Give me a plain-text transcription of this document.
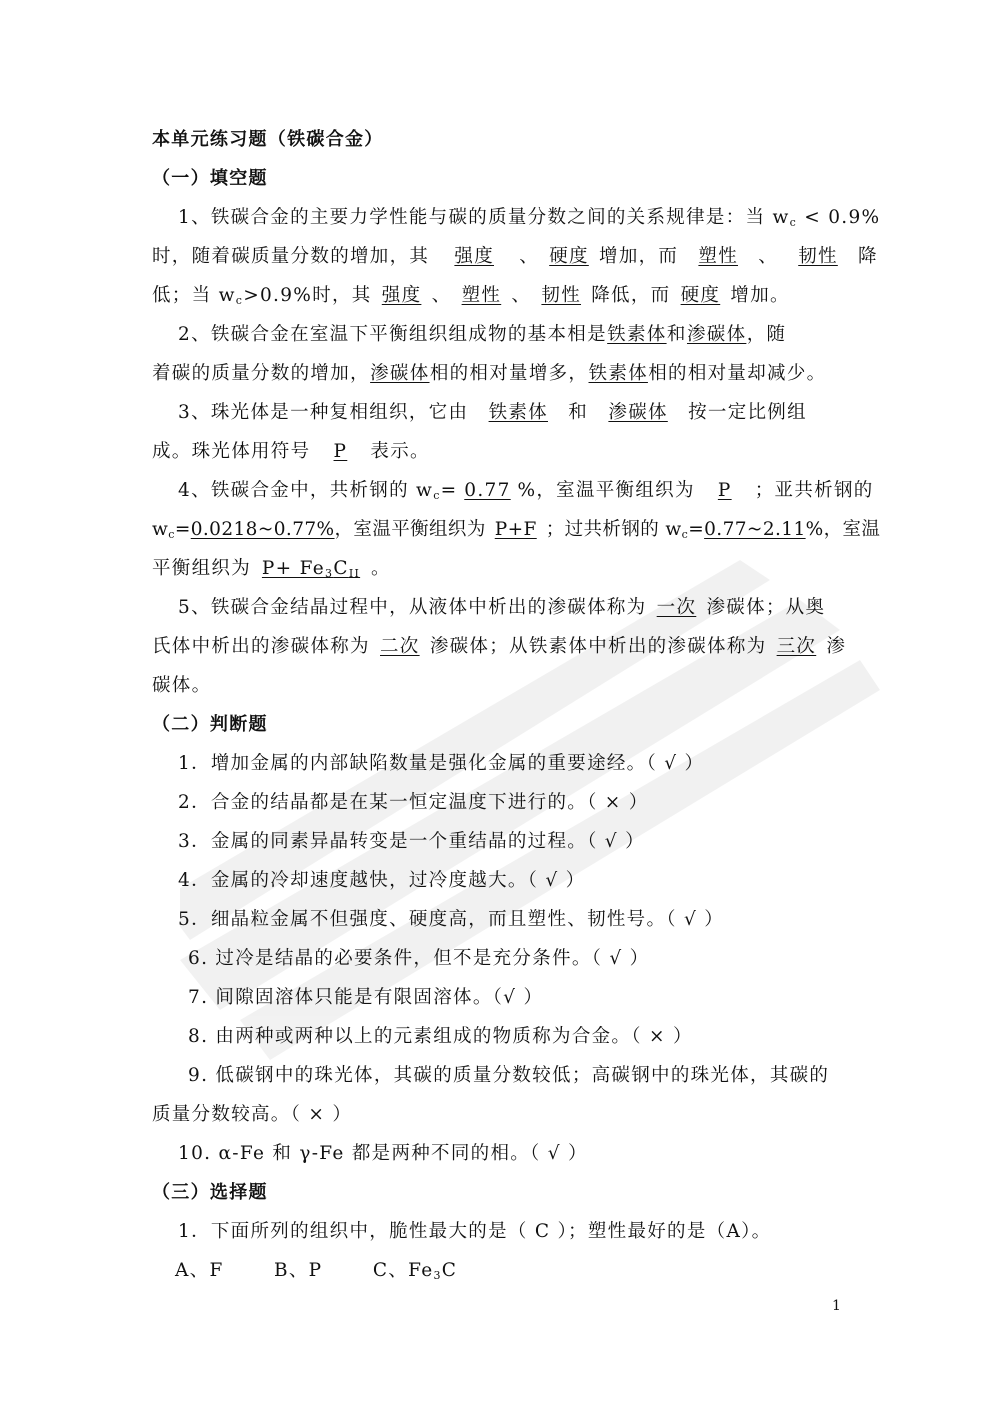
本单元练习题（铁碳合金）
（一）填空题
1、铁碳合金的主要力学性能与碳的质量分数之间的关系规律是：当 $w_c < 0.9\%$
时，随着碳质量分数的增加，其 强度 、 硬度 增加，而 塑性 、 韧性 降
低；当 $w_c>0.9\%$时，其 强度 、 塑性 、 韧性 降低，而 硬度 增加。
2、铁碳合金在室温下平衡组织组成物的基本相是铁素体和渗碳体，随
着碳的质量分数的增加，渗碳体相的相对量增多，铁素体相的相对量却减少。
3、珠光体是一种复相组织，它由 铁素体 和 渗碳体 按一定比例组
成。珠光体用符号 P 表示。
4、铁碳合金中，共析钢的 $w_c= 0.77$ %，室温平衡组织为 P ；亚共析钢的
$w_c=0.0218\sim 0.77\%$，室温平衡组织为 P+F ；过共析钢的 $w_c=0.77\sim 2.11\%$，室温
平衡组织为 $P+ Fe_3C_{II}$ 。
5、铁碳合金结晶过程中，从液体中析出的渗碳体称为 一次 渗碳体；从奥
氏体中析出的渗碳体称为 二次 渗碳体；从铁素体中析出的渗碳体称为 三次 渗
碳体。
（二）判断题
1．增加金属的内部缺陷数量是强化金属的重要途经。（ √ ）
2．合金的结晶都是在某一恒定温度下进行的。（ × ）
3．金属的同素异晶转变是一个重结晶的过程。（ √ ）
4．金属的冷却速度越快，过冷度越大。（ √ ）
5．细晶粒金属不但强度、硬度高，而且塑性、韧性号。（ √ ）
6. 过冷是结晶的必要条件，但不是充分条件。（ √ ）
7. 间隙固溶体只能是有限固溶体。（√ ）
8. 由两种或两种以上的元素组成的物质称为合金。（ × ）
9. 低碳钢中的珠光体，其碳的质量分数较低；高碳钢中的珠光体，其碳的
质量分数较高。（ × ）
10. α-Fe 和 γ-Fe 都是两种不同的相。（ √ ）
（三）选择题
1．下面所列的组织中，脆性最大的是（ C ）；塑性最好的是（A）。
A、F	B、P	C、$Fe_3C$
1
